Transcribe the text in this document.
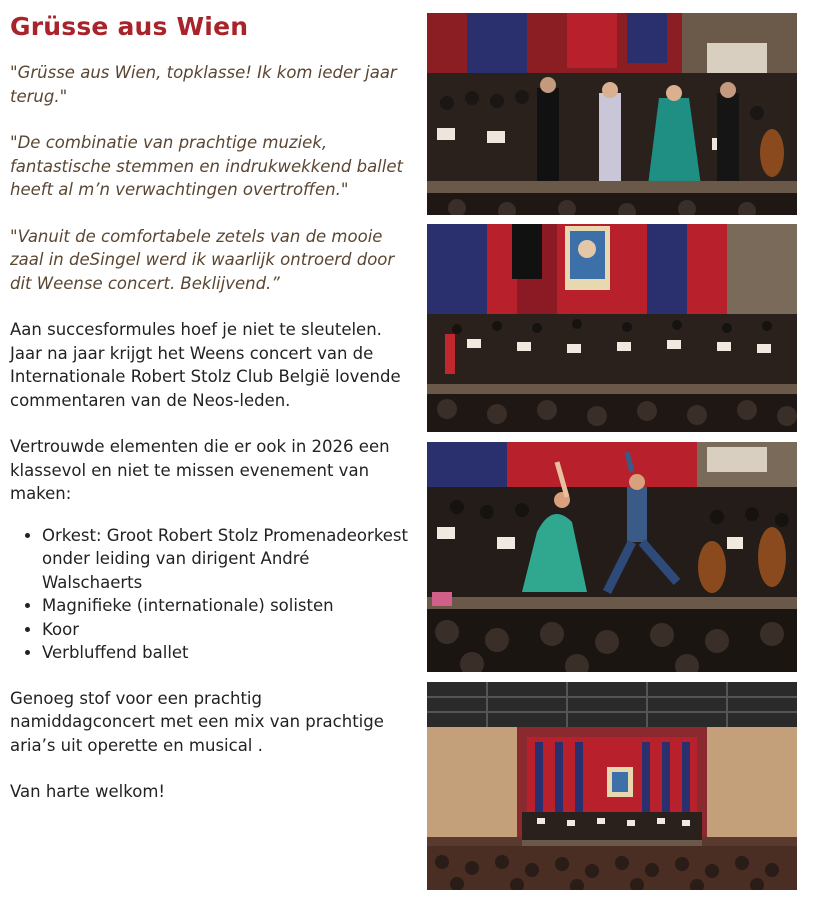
Grüsse aus Wien

"Grüsse aus Wien, topklasse! Ik kom ieder jaar terug."

"De combinatie van prachtige muziek, fantastische stemmen en indrukwekkend ballet heeft al m’n verwachtingen overtroffen."

"Vanuit de comfortabele zetels van de mooie zaal in deSingel werd ik waarlijk ontroerd door dit Weense concert. Beklijvend.”

Aan succesformules hoef je niet te sleutelen.
Jaar na jaar krijgt het Weens concert van de Internationale Robert Stolz Club België lovende commentaren van de Neos-leden.

Vertrouwde elementen die er ook in 2026 een klassevol en niet te missen evenement van maken:

• Orkest: Groot Robert Stolz Promenadeorkest onder leiding van dirigent André Walschaerts
• Magnifieke (internationale) solisten
• Koor
• Verbluffend ballet

Genoeg stof voor een prachtig namiddagconcert met een mix van prachtige aria’s uit operette en musical .

Van harte welkom!
